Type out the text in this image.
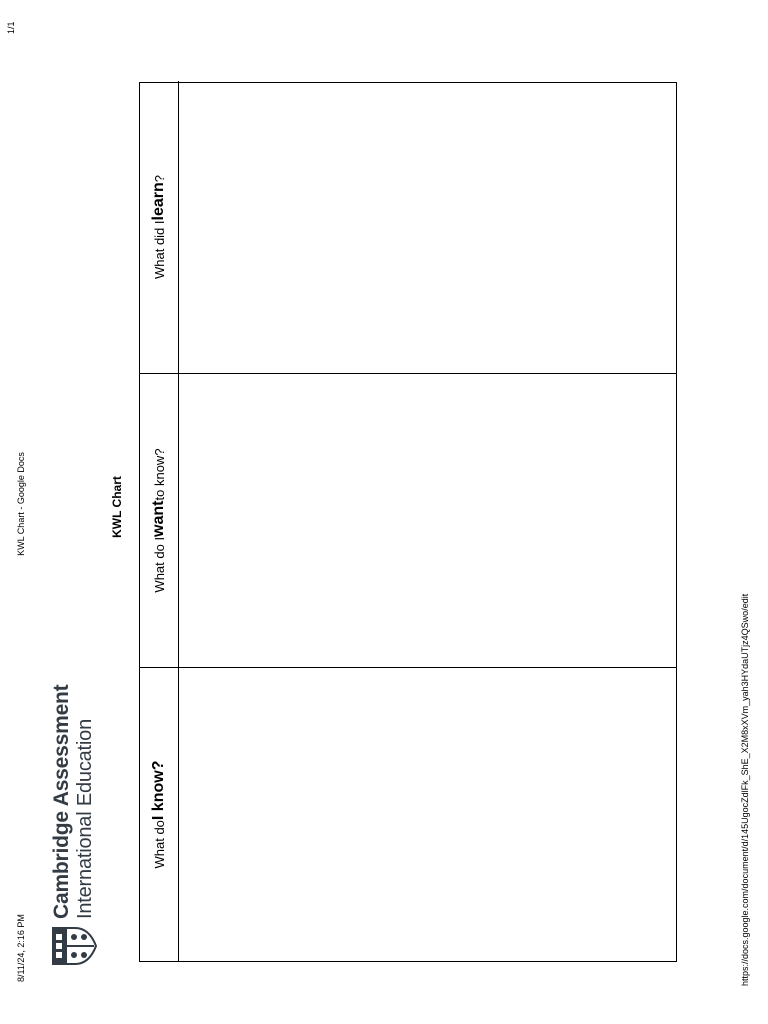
8/11/24, 2:16 PM
KWL Chart - Google Docs
1/1
https://docs.google.com/document/d/145UgocZdlFk_ShE_X2M8xXVm_yah3HYdaUTjz4QSwo/edit
Cambridge Assessment International Education
KWL Chart
What do
I know
?
What do I
want
to know?
What did I
learn
?
